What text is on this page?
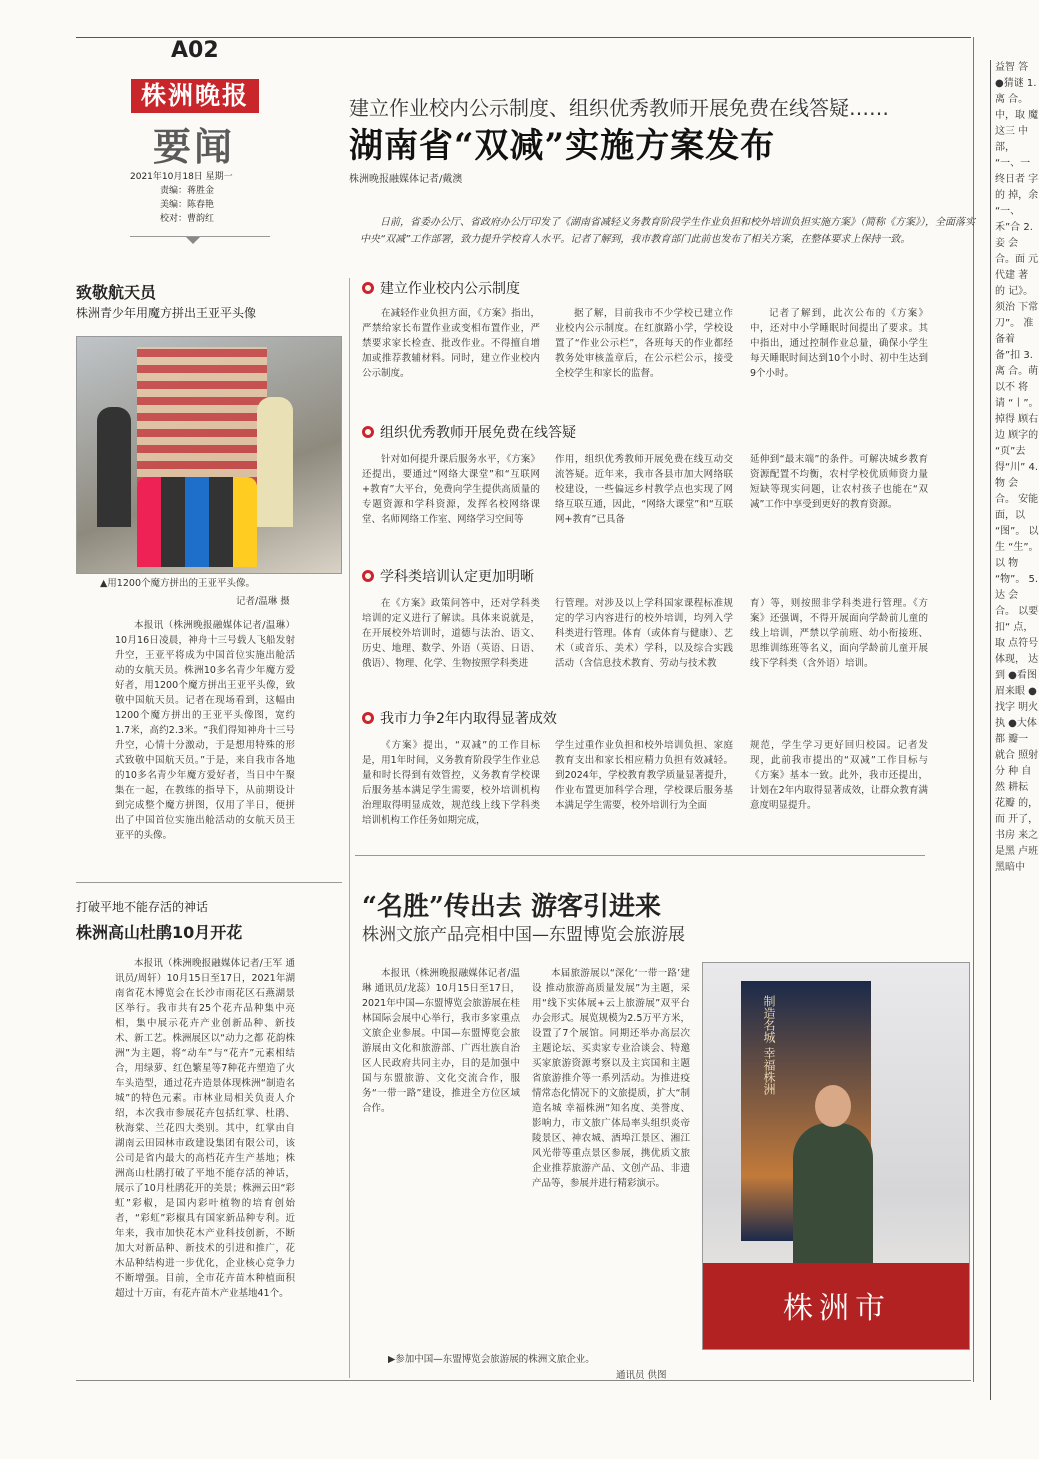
A02
株洲晚报
要闻
2021年10月18日 星期一
责编：蒋胜金
美编：陈春艳
校对：曹韵红
建立作业校内公示制度、组织优秀教师开展免费在线答疑……
湖南省“双减”实施方案发布
株洲晚报融媒体记者/戴澳
日前，省委办公厅、省政府办公厅印发了《湖南省减轻义务教育阶段学生作业负担和校外培训负担实施方案》（简称《方案》），全面落实中央“双减”工作部署，致力提升学校育人水平。记者了解到，我市教育部门此前也发布了相关方案，在整体要求上保持一致。
建立作业校内公示制度
在减轻作业负担方面，《方案》指出，严禁给家长布置作业或变相布置作业，严禁要求家长检查、批改作业。不得擅自增加或推荐教辅材料。同时，建立作业校内公示制度。
据了解，目前我市不少学校已建立作业校内公示制度。在红旗路小学，学校设置了“作业公示栏”，各班每天的作业都经教务处审核盖章后，在公示栏公示，接受全校学生和家长的监督。
记者了解到，此次公布的《方案》中，还对中小学睡眠时间提出了要求。其中指出，通过控制作业总量，确保小学生每天睡眠时间达到10个小时、初中生达到9个小时。
组织优秀教师开展免费在线答疑
针对如何提升课后服务水平，《方案》还提出，要通过“网络大课堂”和“互联网+教育”大平台，免费向学生提供高质量的专题资源和学科资源，发挥名校网络课堂、名师网络工作室、网络学习空间等
作用，组织优秀教师开展免费在线互动交流答疑。近年来，我市各县市加大网络联校建设，一些偏远乡村教学点也实现了网络互联互通，因此，“网络大课堂”和“互联网+教育”已具备
延伸到“最末端”的条件。可解决城乡教育资源配置不均衡，农村学校优质师资力量短缺等现实问题，让农村孩子也能在“双减”工作中享受到更好的教育资源。
学科类培训认定更加明晰
在《方案》政策问答中，还对学科类培训的定义进行了解读。具体来说就是，在开展校外培训时，道德与法治、语文、历史、地理、数学、外语（英语、日语、俄语）、物理、化学、生物按照学科类进
行管理。对涉及以上学科国家课程标准规定的学习内容进行的校外培训，均列入学科类进行管理。体育（或体育与健康）、艺术（或音乐、美术）学科，以及综合实践活动（含信息技术教育、劳动与技术教
育）等，则按照非学科类进行管理。《方案》还强调，不得开展面向学龄前儿童的线上培训，严禁以学前班、幼小衔接班、思维训练班等名义，面向学龄前儿童开展线下学科类（含外语）培训。
我市力争2年内取得显著成效
《方案》提出，“双减”的工作目标是，用1年时间，义务教育阶段学生作业总量和时长得到有效管控，义务教育学校课后服务基本满足学生需要，校外培训机构治理取得明显成效，规范线上线下学科类培训机构工作任务如期完成，
学生过重作业负担和校外培训负担、家庭教育支出和家长相应精力负担有效减轻。到2024年，学校教育教学质量显著提升，作业布置更加科学合理，学校课后服务基本满足学生需要，校外培训行为全面
规范，学生学习更好回归校园。记者发现，此前我市提出的“双减”工作目标与《方案》基本一致。此外，我市还提出，计划在2年内取得显著成效，让群众教育满意度明显提升。
致敬航天员
株洲青少年用魔方拼出王亚平头像
▲用1200个魔方拼出的王亚平头像。
记者/温琳 摄
本报讯（株洲晚报融媒体记者/温琳）10月16日凌晨，神舟十三号载人飞船发射升空，王亚平将成为中国首位实施出舱活动的女航天员。株洲10多名青少年魔方爱好者，用1200个魔方拼出王亚平头像，致敬中国航天员。记者在现场看到，这幅由1200个魔方拼出的王亚平头像图，宽约1.7米，高约2.3米。“我们得知神舟十三号升空，心情十分激动，于是想用特殊的形式致敬中国航天员。”于是，来自我市各地的10多名青少年魔方爱好者，当日中午聚集在一起，在教练的指导下，从前期设计到完成整个魔方拼图，仅用了半日，便拼出了中国首位实施出舱活动的女航天员王亚平的头像。
打破平地不能存活的神话
株洲高山杜鹃10月开花
本报讯（株洲晚报融媒体记者/王军 通讯员/周轩）10月15日至17日，2021年湖南省花木博览会在长沙市雨花区石燕湖景区举行。我市共有25个花卉品种集中亮相，集中展示花卉产业创新品种、新技术、新工艺。株洲展区以“动力之都 花韵株洲”为主题，将“动车”与“花卉”元素相结合，用绿萝、红色繁星等7种花卉塑造了火车头造型，通过花卉造景体现株洲“制造名城”的特色元素。市林业局相关负责人介绍，本次我市参展花卉包括红掌、杜鹃、秋海棠、兰花四大类别。其中，红掌由自湖南云田园林市政建设集团有限公司，该公司是省内最大的高档花卉生产基地；株洲高山杜鹃打破了平地不能存活的神话，展示了10月杜鹃花开的美景；株洲云田“彩虹”彩椒，是国内彩叶植物的培育创始者，“彩虹”彩椒具有国家新品种专利。近年来，我市加快花木产业科技创新，不断加大对新品种、新技术的引进和推广，花木品种结构进一步优化，企业核心竞争力不断增强。目前，全市花卉苗木种植面积超过十万亩，有花卉苗木产业基地41个。
“名胜”传出去 游客引进来
株洲文旅产品亮相中国—东盟博览会旅游展
本报讯（株洲晚报融媒体记者/温琳 通讯员/龙蕊）10月15日至17日，2021年中国—东盟博览会旅游展在桂林国际会展中心举行，我市多家重点文旅企业参展。中国—东盟博览会旅游展由文化和旅游部、广西壮族自治区人民政府共同主办，目的是加强中国与东盟旅游、文化交流合作，服务“一带一路”建设，推进全方位区域合作。
本届旅游展以“深化‘一带一路’建设 推动旅游高质量发展”为主题，采用“线下实体展+云上旅游展”双平台办会形式。展览规模为2.5万平方米，设置了7个展馆。同期还举办高层次主题论坛、买卖家专业洽谈会、特邀买家旅游资源考察以及主宾国和主题省旅游推介等一系列活动。为推进疫情常态化情况下的文旅提质，扩大“制造名城 幸福株洲”知名度、美誉度、影响力，市文旅广体局率头组织炎帝陵景区、神农城、酒埠江景区、湘江风光带等重点景区参展，携优质文旅企业推荐旅游产品、文创产品、非遗产品等，参展并进行精彩演示。
制造名城 幸福株洲
株洲市
▶参加中国—东盟博览会旅游展的株洲文旅企业。
通讯员 供图
益智 答 ●猜谜 1. 离 合。 中，取 魔这三 中部， “一、一 终日者 字的 掉，余 “一、 禾”合 2. 妾 会 合。面 元代建 著 的 记》。 须治 下常 刀”。 准备着 备”扣 3. 离 合。萌 以不 将 请 “丨”。 掉得 顾右边 顾字的 “页”去 得“川” 4. 物 会 合。 安能 面，以 “图”。 以 生 “生”。 以 物 “物”。 5. 达 会 合。 以要 扣“ 点，取 点符号 体现， 达到 ●看图 眉来眼 ●找字 明火执 ●大体 都 瓣一 就合 照射 分 种 自然 耕耘 花瓣 的，而 开了， 书房 来之 是黑 卢班 黑暗中
